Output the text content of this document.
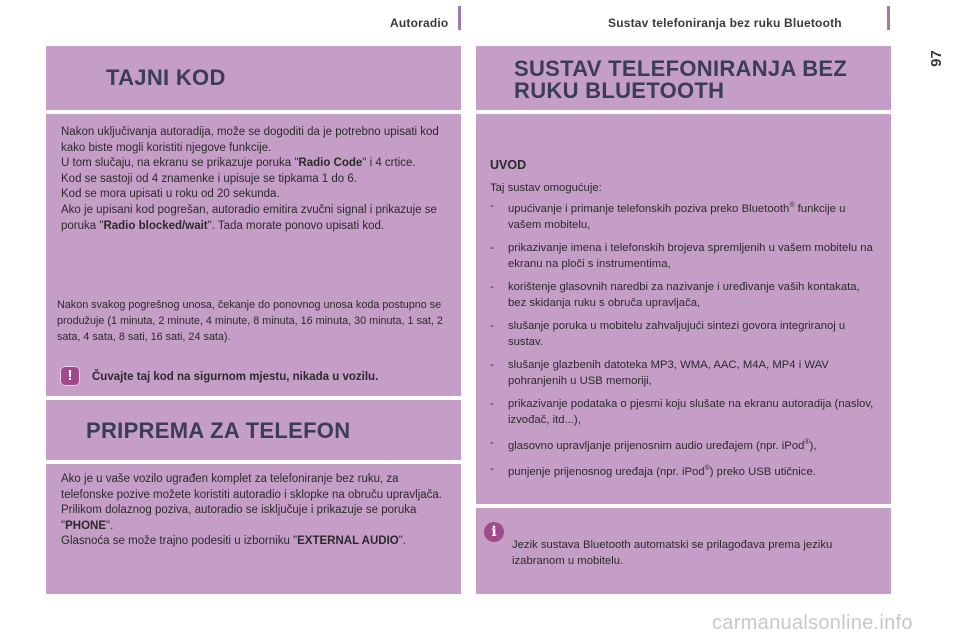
Autoradio	Sustav telefoniranja bez ruku Bluetooth
97
TAJNI KOD
Nakon uključivanja autoradija, može se dogoditi da je potrebno upisati kod kako biste mogli koristiti njegove funkcije.
U tom slučaju, na ekranu se prikazuje poruka "Radio Code" i 4 crtice.
Kod se sastoji od 4 znamenke i upisuje se tipkama 1 do 6.
Kod se mora upisati u roku od 20 sekunda.
Ako je upisani kod pogrešan, autoradio emitira zvučni signal i prikazuje se poruka "Radio blocked/wait". Tada morate ponovo upisati kod.
Nakon svakog pogrešnog unosa, čekanje do ponovnog unosa koda postupno se produžuje (1 minuta, 2 minute, 4 minute, 8 minuta, 16 minuta, 30 minuta, 1 sat, 2 sata, 4 sata, 8 sati, 16 sati, 24 sata).
!	Čuvajte taj kod na sigurnom mjestu, nikada u vozilu.
PRIPREMA ZA TELEFON
Ako je u vaše vozilo ugrađen komplet za telefoniranje bez ruku, za telefonske pozive možete koristiti autoradio i sklopke na obruču upravljača.
Prilikom dolaznog poziva, autoradio se isključuje i prikazuje se poruka "PHONE".
Glasnoća se može trajno podesiti u izborniku "EXTERNAL AUDIO".
SUSTAV TELEFONIRANJA BEZ
RUKU BLUETOOTH
UVOD
Taj sustav omogućuje:
- upućivanje i primanje telefonskih poziva preko Bluetooth® funkcije u vašem mobitelu,
- prikazivanje imena i telefonskih brojeva spremljenih u vašem mobitelu na ekranu na ploči s instrumentima,
- korištenje glasovnih naredbi za nazivanje i uređivanje vaših kontakata, bez skidanja ruku s obruča upravljača,
- slušanje poruka u mobitelu zahvaljujući sintezi govora integriranoj u sustav.
- slušanje glazbenih datoteka MP3, WMA, AAC, M4A, MP4 i WAV pohranjenih u USB memoriji,
- prikazivanje podataka o pjesmi koju slušate na ekranu autoradija (naslov, izvođač, itd...),
- glasovno upravljanje prijenosnim audio uređajem (npr. iPod®),
- punjenje prijenosnog uređaja (npr. iPod®) preko USB utičnice.
i
Jezik sustava Bluetooth automatski se prilagođava prema jeziku izabranom u mobitelu.
carmanualsonline.info
